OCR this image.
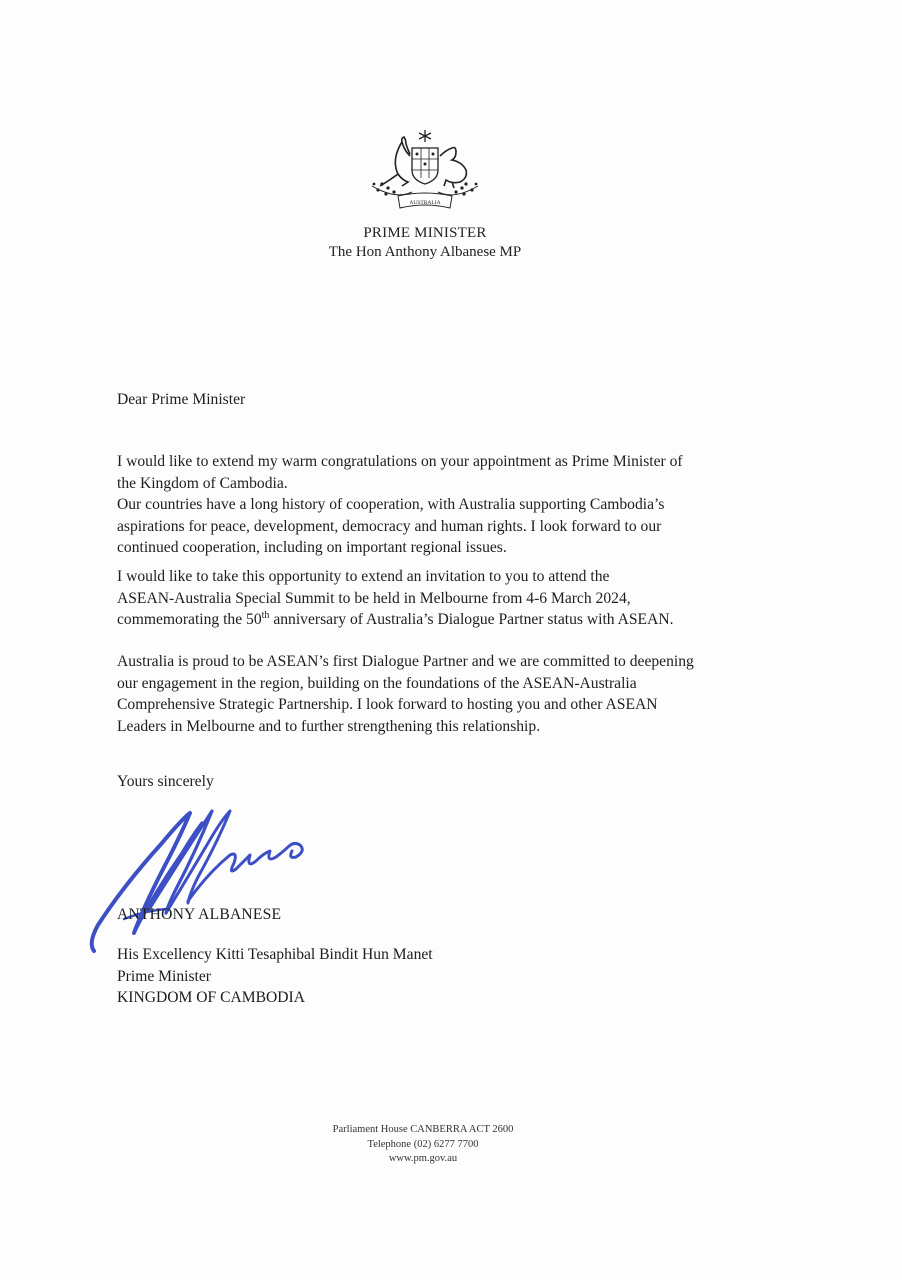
AUSTRALIA
PRIME MINISTER
The Hon Anthony Albanese MP

Dear Prime Minister

I would like to extend my warm congratulations on your appointment as Prime Minister of
the Kingdom of Cambodia.
Our countries have a long history of cooperation, with Australia supporting Cambodia’s
aspirations for peace, development, democracy and human rights. I look forward to our
continued cooperation, including on important regional issues.
I would like to take this opportunity to extend an invitation to you to attend the
ASEAN-Australia Special Summit to be held in Melbourne from 4-6 March 2024,
commemorating the 50th anniversary of Australia’s Dialogue Partner status with ASEAN.
Australia is proud to be ASEAN’s first Dialogue Partner and we are committed to deepening
our engagement in the region, building on the foundations of the ASEAN-Australia
Comprehensive Strategic Partnership. I look forward to hosting you and other ASEAN
Leaders in Melbourne and to further strengthening this relationship.

Yours sincerely

ANTHONY ALBANESE
His Excellency Kitti Tesaphibal Bindit Hun Manet
Prime Minister
KINGDOM OF CAMBODIA
Parliament House CANBERRA ACT 2600
Telephone (02) 6277 7700
www.pm.gov.au
